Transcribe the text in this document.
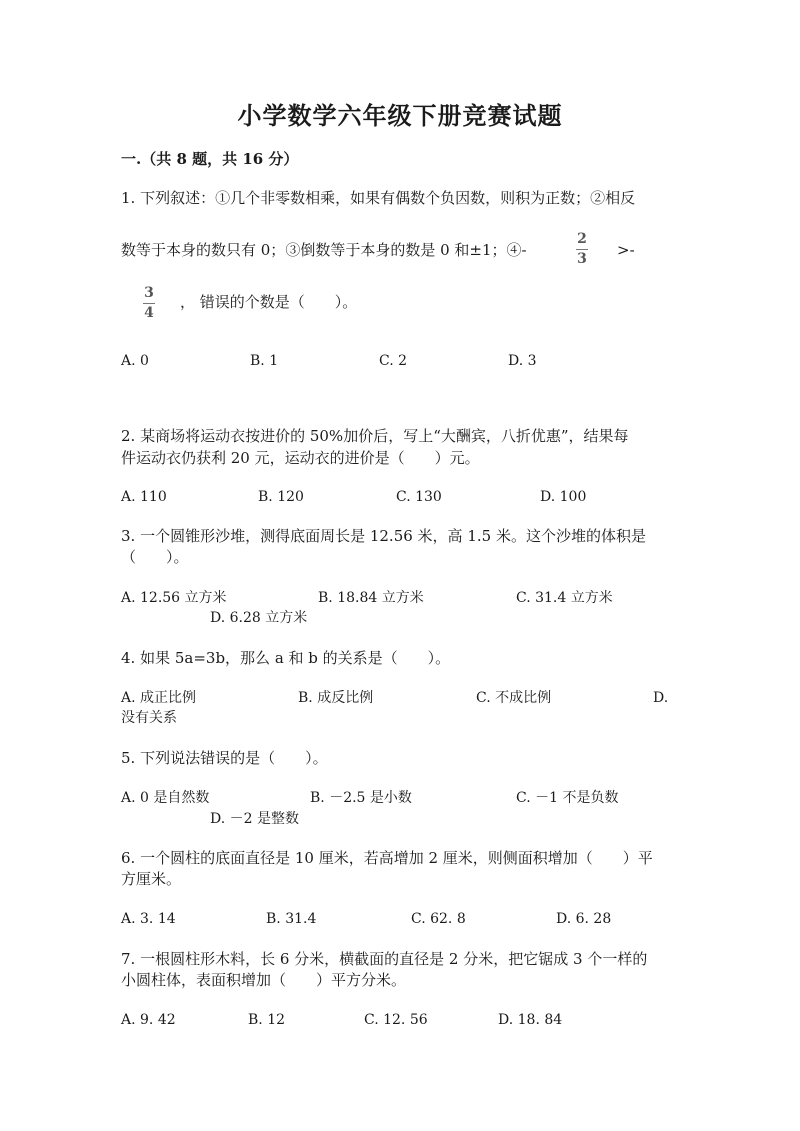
小学数学六年级下册竞赛试题
一.（共 8 题，共 16 分）
1. 下列叙述：①几个非零数相乘，如果有偶数个负因数，则积为正数；②相反
数等于本身的数只有 0；③倒数等于本身的数是 0 和±1；④-
2
3 >-
3
4
， 错误的个数是（　　）。
A. 0	B. 1	C. 2	D. 3
2. 某商场将运动衣按进价的 50%加价后，写上“大酬宾，八折优惠”，结果每
件运动衣仍获利 20 元，运动衣的进价是（　　）元。
A. 110	B. 120	C. 130	D. 100
3. 一个圆锥形沙堆，测得底面周长是 12.56 米，高 1.5 米。这个沙堆的体积是
（　　）。
A. 12.56 立方米	B. 18.84 立方米	C. 31.4 立方米
D. 6.28 立方米
4. 如果 5a=3b，那么 a 和 b 的关系是（　　）。
A. 成正比例	B. 成反比例	C. 不成比例	D.
没有关系
5. 下列说法错误的是（　　）。
A. 0 是自然数	B. －2.5 是小数	C. －1 不是负数
D. －2 是整数
6. 一个圆柱的底面直径是 10 厘米，若高增加 2 厘米，则侧面积增加（　　）平
方厘米。
A. 3. 14	B. 31.4	C. 62. 8	D. 6. 28
7. 一根圆柱形木料，长 6 分米，横截面的直径是 2 分米，把它锯成 3 个一样的
小圆柱体，表面积增加（　　）平方分米。
A. 9. 42	B. 12	C. 12. 56	D. 18. 84
